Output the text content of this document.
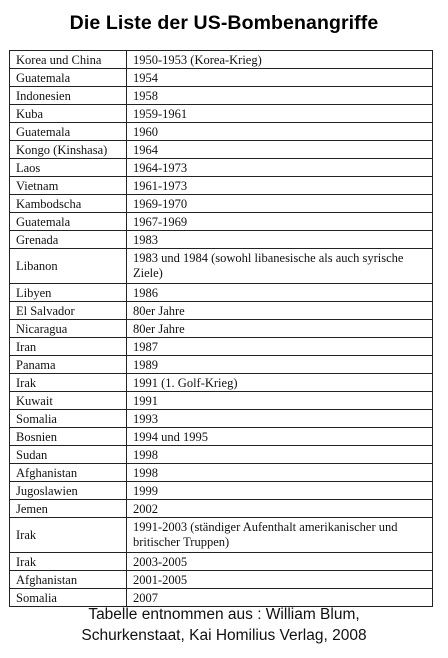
Die Liste der US-Bombenangriffe
Korea und China	1950-1953 (Korea-Krieg)
Guatemala	1954
Indonesien	1958
Kuba	1959-1961
Guatemala	1960
Kongo (Kinshasa)	1964
Laos	1964-1973
Vietnam	1961-1973
Kambodscha	1969-1970
Guatemala	1967-1969
Grenada	1983
Libanon	1983 und 1984 (sowohl libanesische als auch syrische Ziele)
Libyen	1986
El Salvador	80er Jahre
Nicaragua	80er Jahre
Iran	1987
Panama	1989
Irak	1991 (1. Golf-Krieg)
Kuwait	1991
Somalia	1993
Bosnien	1994 und 1995
Sudan	1998
Afghanistan	1998
Jugoslawien	1999
Jemen	2002
Irak	1991-2003 (ständiger Aufenthalt amerikanischer und britischer Truppen)
Irak	2003-2005
Afghanistan	2001-2005
Somalia	2007
Tabelle entnommen aus : William Blum,
Schurkenstaat, Kai Homilius Verlag, 2008
